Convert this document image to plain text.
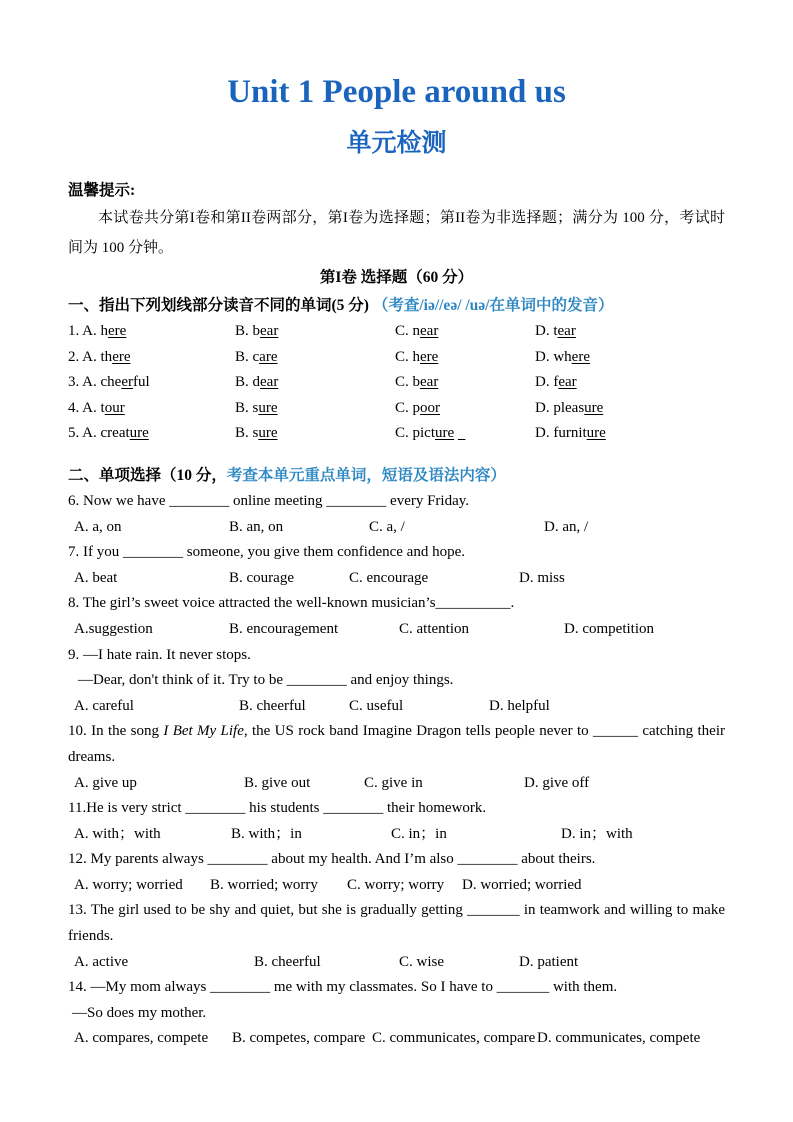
Unit 1 People around us
单元检测
温馨提示:

本试卷共分第I卷和第II卷两部分，第I卷为选择题；第II卷为非选择题；满分为 100 分，考试时间为 100 分钟。

第I卷 选择题（60 分）
一、指出下列划线部分读音不同的单词(5 分) （考查/iə//eə/ /uə/在单词中的发音）
1. A. here	B. bear	C. near	D. tear
2. A. there	B. care	C. here	D. where
3. A. cheerful	B. dear	C. bear	D. fear
4. A. tour	B. sure	C. poor	D. pleasure
5. A. creature	B. sure	C. picture	D. furniture
二、单项选择（10 分，考查本单元重点单词，短语及语法内容）
6. Now we have ________ online meeting ________ every Friday.
A. a, on	B. an, on	C. a, /	D. an, /
7. If you ________ someone, you give them confidence and hope.
A. beat	B. courage	C. encourage	D. miss
8. The girl’s sweet voice attracted the well-known musician’s__________.
A.suggestion	B. encouragement	C. attention	D. competition
9. —I hate rain. It never stops.
—Dear, don't think of it. Try to be ________ and enjoy things.
A. careful	B. cheerful	C. useful	D. helpful
10. In the song I Bet My Life, the US rock band Imagine Dragon tells people never to ______ catching their dreams.
A. give up	B. give out	C. give in	D. give off
11.He is very strict ________ his students ________ their homework.
A. with；with	B. with；in	C. in；in	D. in；with
12. My parents always ________ about my health. And I’m also ________ about theirs.
A. worry; worried	B. worried; worry	C. worry; worry	D. worried; worried
13. The girl used to be shy and quiet, but she is gradually getting _______ in teamwork and willing to make friends.
A. active	B. cheerful	C. wise	D. patient
14. —My mom always ________ me with my classmates. So I have to _______ with them.
—So does my mother.
A. compares, compete	B. competes, compare C. communicates, compare D. communicates, compete
